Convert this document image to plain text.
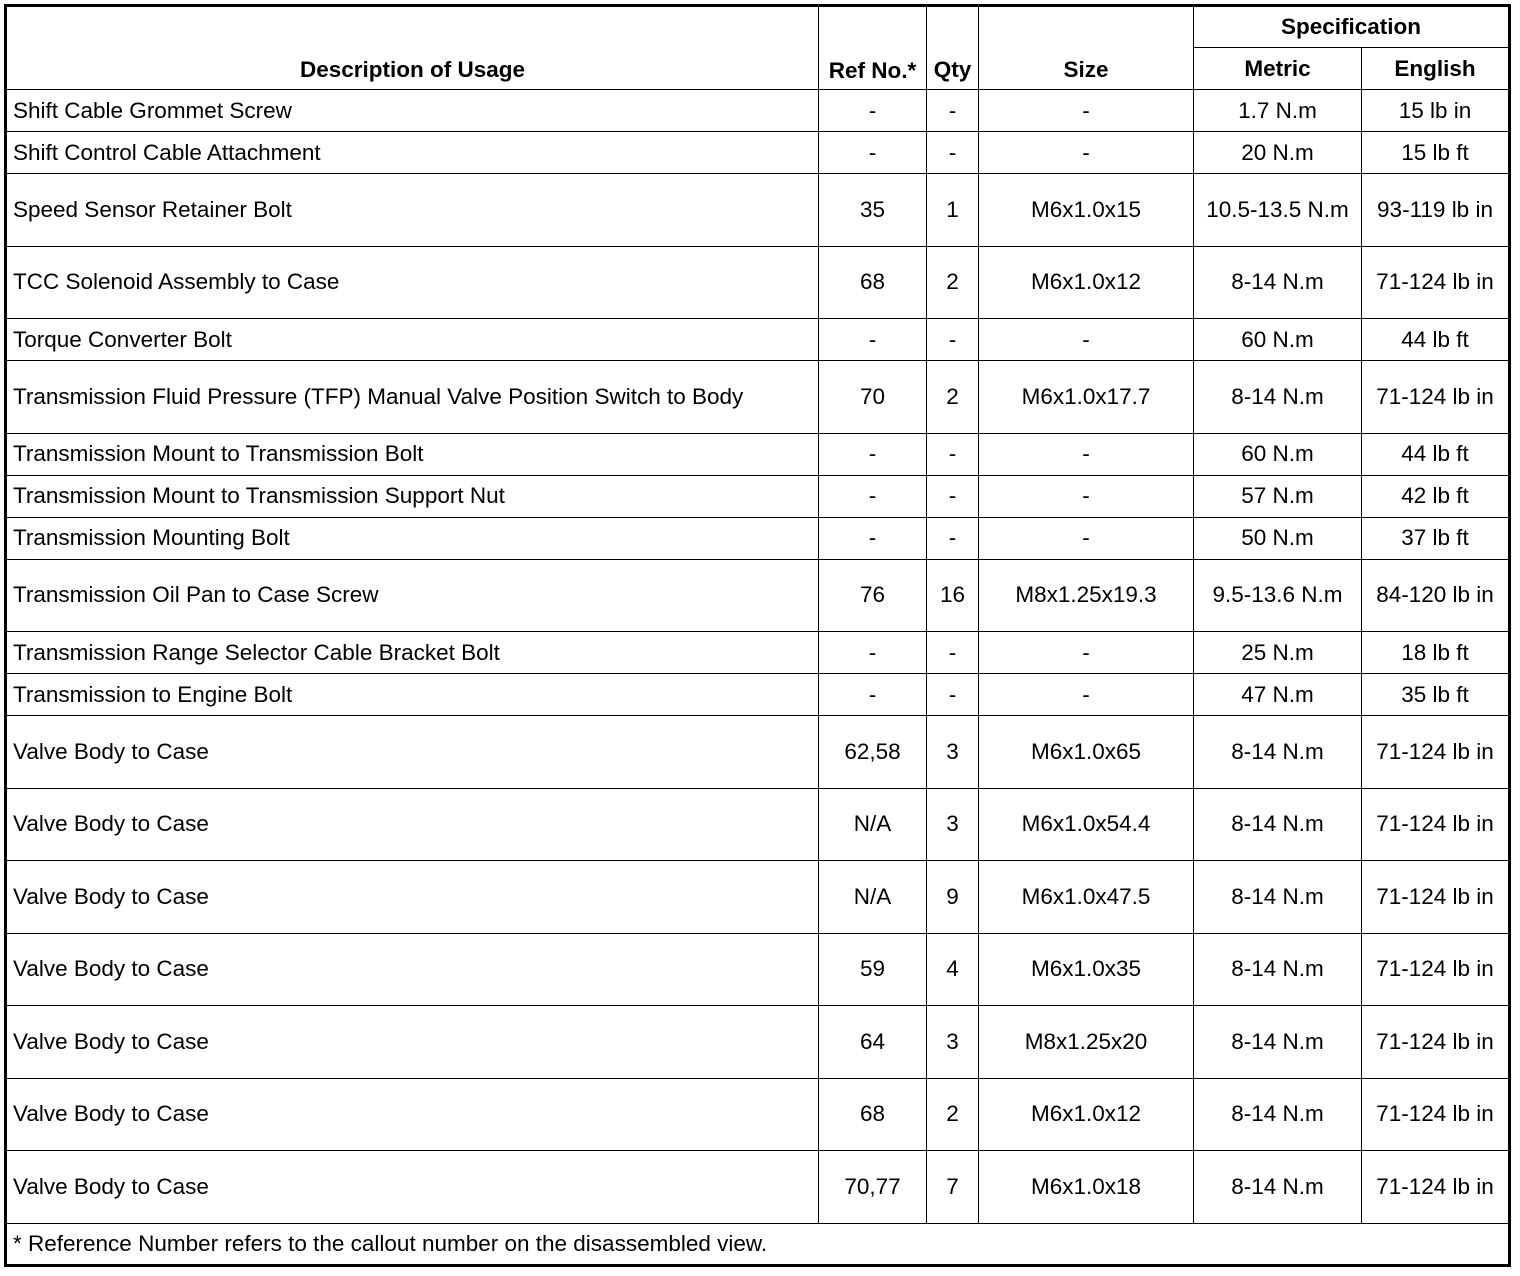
Description of Usage	Ref No.*	Qty	Size	Specification	
				Metric	English
Shift Cable Grommet Screw	-	-	-	1.7 N.m	15 lb in
Shift Control Cable Attachment	-	-	-	20 N.m	15 lb ft
Speed Sensor Retainer Bolt	35	1	M6x1.0x15	10.5-13.5 N.m	93-119 lb in
TCC Solenoid Assembly to Case	68	2	M6x1.0x12	8-14 N.m	71-124 lb in
Torque Converter Bolt	-	-	-	60 N.m	44 lb ft
Transmission Fluid Pressure (TFP) Manual Valve Position Switch to Body	70	2	M6x1.0x17.7	8-14 N.m	71-124 lb in
Transmission Mount to Transmission Bolt	-	-	-	60 N.m	44 lb ft
Transmission Mount to Transmission Support Nut	-	-	-	57 N.m	42 lb ft
Transmission Mounting Bolt	-	-	-	50 N.m	37 lb ft
Transmission Oil Pan to Case Screw	76	16	M8x1.25x19.3	9.5-13.6 N.m	84-120 lb in
Transmission Range Selector Cable Bracket Bolt	-	-	-	25 N.m	18 lb ft
Transmission to Engine Bolt	-	-	-	47 N.m	35 lb ft
Valve Body to Case	62,58	3	M6x1.0x65	8-14 N.m	71-124 lb in
Valve Body to Case	N/A	3	M6x1.0x54.4	8-14 N.m	71-124 lb in
Valve Body to Case	N/A	9	M6x1.0x47.5	8-14 N.m	71-124 lb in
Valve Body to Case	59	4	M6x1.0x35	8-14 N.m	71-124 lb in
Valve Body to Case	64	3	M8x1.25x20	8-14 N.m	71-124 lb in
Valve Body to Case	68	2	M6x1.0x12	8-14 N.m	71-124 lb in
Valve Body to Case	70,77	7	M6x1.0x18	8-14 N.m	71-124 lb in
* Reference Number refers to the callout number on the disassembled view.					
